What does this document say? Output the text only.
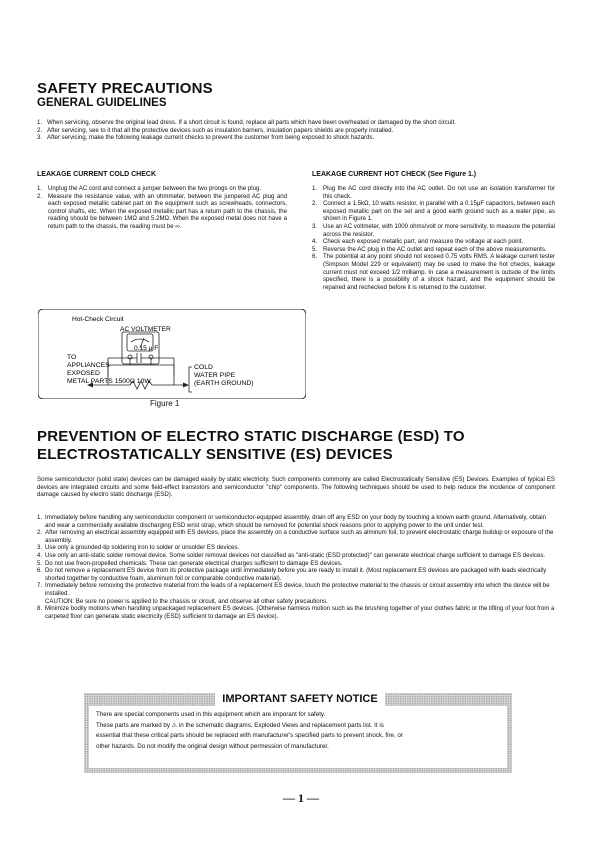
SAFETY PRECAUTIONS
GENERAL GUIDELINES
1. When servicing, observe the original lead dress. If a short circuit is found, replace all parts which have been overheated or damaged by the short circuit.
2. After servicing, see to it that all the protective devices such as insulation barriers, insulation papers shields are properly installed.
3. After servicing, make the following leakage current checks to prevent the customer from being exposed to shock hazards.
LEAKAGE CURRENT COLD CHECK
1. Unplug the AC cord and connect a jumper between the two prongs on the plug.
2. Measure the resistance value, with an ohmmeter, between the jumpered AC plug and each exposed metallic cabinet part on the equipment such as screwheads, connectors, control shafts, etc. When the exposed metallic part has a return path to the chassis, the reading should be between 1MΩ and 5.2MΩ. When the exposed metal does not have a return path to the chassis, the reading must be ∞.
LEAKAGE CURRENT HOT CHECK (See Figure 1.)
1. Plug the AC cord directly into the AC outlet. Do not use an isolation transformer for this check.
2. Connect a 1.5kΩ, 10 watts resistor, in parallel with a 0.15μF capacitors, between each exposed metallic part on the set and a good earth ground such as a water pipe, as shown in Figure 1.
3. Use an AC voltmeter, with 1000 ohms/volt or more sensitivity, to measure the potential across the resistor.
4. Check each exposed metallic part, and measure the voltage at each point.
5. Reverse the AC plug in the AC outlet and repeat each of the above measurements.
6. The potential at any point should not exceed 0.75 volts RMS. A leakage current tester (Simpson Model 229 or equivalent) may be used to make the hot checks, leakage current must not exceed 1/2 milliamp. In case a measurement is outside of the limits specified, there is a possibility of a shock hazard, and the equipment should be repaired and rechecked before it is returned to the customer.
Hot-Check Circuit
AC VOLTMETER
0.15 μ F
TO
APPLIANCES
EXPOSED
METAL PARTS 1500Ω 10W
COLD
WATER PIPE
(EARTH GROUND)
Figure 1
PREVENTION OF ELECTRO STATIC DISCHARGE (ESD) TO
ELECTROSTATICALLY SENSITIVE (ES) DEVICES
Some semiconductor (solid state) devices can be damaged easily by static electricity. Such components commonly are called Electrostatically Sensitive (ES) Devices. Examples of typical ES devices are integrated circuits and some field-effect transistors and semiconductor "chip" components. The following techniques should be used to help reduce the incidence of component damage caused by electro static discharge (ESD).
1. Immediately before handling any semiconductor component or semiconductor-equipped assembly, drain off any ESD on your body by touching a known earth ground. Alternatively, obtain and wear a commercially available discharging ESD wrist strap, which should be removed for potential shock reasons prior to applying power to the unit under test.
2. After removing an electrical assembly equipped with ES devices, place the assembly on a conductive surface such as alminum foil, to prevent electrostatic charge buildup or exposure of the assembly.
3. Use only a grounded-tip soldering iron to solder or unsolder ES devices.
4. Use only an anti-static solder removal device. Some solder removal devices not classified as "anti-static (ESD protected)" can generate electrical charge sufficient to damage ES devices.
5. Do not use freon-propelled chemicals. These can generate electrical charges sufficient to damage ES devices.
6. Do not remove a replacement ES device from its protective package until immediately before you are ready to install it. (Most replacement ES devices are packaged with leads electrically shorted together by conductive foam, aluminum foil or comparable conductive material).
7. Immediately before removing the protective material from the leads of a replacement ES device, touch the protective material to the chassis or circuit assembly into which the device will be installed.
CAUTION: Be sure no power is applied to the chassis or circuit, and observe all other safety precautions.
8. Minimize bodily motions when handling unpackaged replacement ES devices. (Otherwise hamless motion such as the brushing together of your clothes fabric or the lifting of your foot from a carpeted floor can generate static electricity (ESD) sufficient to damage an ES device).
IMPORTANT SAFETY NOTICE
There are special components used in this equipment which are imporant for safety.
These parts are marked by ⚠ in the schematic diagrams, Exploded Views and replacement parts list. It is
essential that these critical parts should be replaced with manufacturer's specified parts to prevent shock, fire, or
other hazards. Do not modify the original design without permession of manufacturer.
— 1 —
